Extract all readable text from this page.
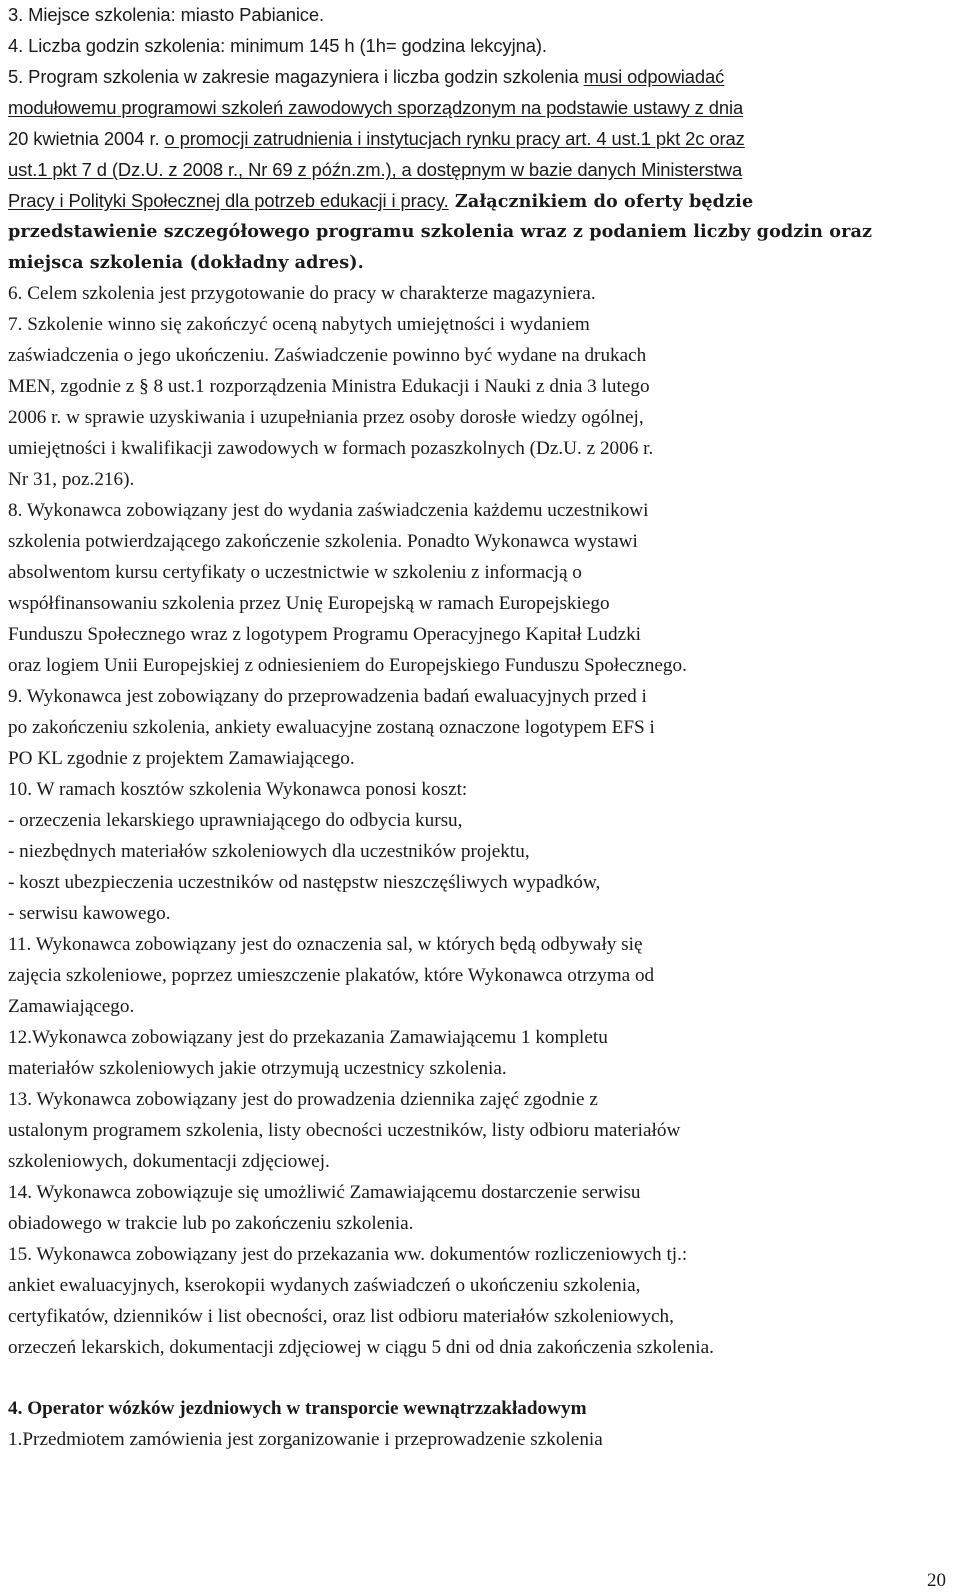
3. Miejsce szkolenia: miasto Pabianice.
4. Liczba godzin szkolenia: minimum 145 h (1h= godzina lekcyjna).
5. Program szkolenia w zakresie magazyniera i liczba godzin szkolenia musi odpowiadać
modułowemu programowi szkoleń zawodowych sporządzonym na podstawie ustawy z dnia
20 kwietnia 2004 r. o promocji zatrudnienia i instytucjach rynku pracy art. 4 ust.1 pkt 2c oraz
ust.1 pkt 7 d (Dz.U. z 2008 r., Nr 69 z późn.zm.), a dostępnym w bazie danych Ministerstwa
Pracy i Polityki Społecznej dla potrzeb edukacji i pracy. Załącznikiem do oferty będzie
przedstawienie szczegółowego programu szkolenia wraz z podaniem liczby godzin oraz
miejsca szkolenia (dokładny adres).
6. Celem szkolenia jest przygotowanie do pracy w charakterze magazyniera.
7. Szkolenie winno się zakończyć oceną nabytych umiejętności i wydaniem
zaświadczenia o jego ukończeniu. Zaświadczenie powinno być wydane na drukach
MEN, zgodnie z § 8 ust.1 rozporządzenia Ministra Edukacji i Nauki z dnia 3 lutego
2006 r. w sprawie uzyskiwania i uzupełniania przez osoby dorosłe wiedzy ogólnej,
umiejętności i kwalifikacji zawodowych w formach pozaszkolnych (Dz.U. z 2006 r.
Nr 31, poz.216).
8. Wykonawca zobowiązany jest do wydania zaświadczenia każdemu uczestnikowi
szkolenia potwierdzającego zakończenie szkolenia. Ponadto Wykonawca wystawi
absolwentom kursu certyfikaty o uczestnictwie w szkoleniu z informacją o
współfinansowaniu szkolenia przez Unię Europejską w ramach Europejskiego
Funduszu Społecznego wraz z logotypem Programu Operacyjnego Kapitał Ludzki
oraz logiem Unii Europejskiej z odniesieniem do Europejskiego Funduszu Społecznego.
9. Wykonawca jest zobowiązany do przeprowadzenia badań ewaluacyjnych przed i
po zakończeniu szkolenia, ankiety ewaluacyjne zostaną oznaczone logotypem EFS i
PO KL zgodnie z projektem Zamawiającego.
10. W ramach kosztów szkolenia Wykonawca ponosi koszt:
- orzeczenia lekarskiego uprawniającego do odbycia kursu,
- niezbędnych materiałów szkoleniowych dla uczestników projektu,
- koszt ubezpieczenia uczestników od następstw nieszczęśliwych wypadków,
- serwisu kawowego.
11. Wykonawca zobowiązany jest do oznaczenia sal, w których będą odbywały się
zajęcia szkoleniowe, poprzez umieszczenie plakatów, które Wykonawca otrzyma od
Zamawiającego.
12.Wykonawca zobowiązany jest do przekazania Zamawiającemu 1 kompletu
materiałów szkoleniowych jakie otrzymują uczestnicy szkolenia.
13. Wykonawca zobowiązany jest do prowadzenia dziennika zajęć zgodnie z
ustalonym programem szkolenia, listy obecności uczestników, listy odbioru materiałów
szkoleniowych, dokumentacji zdjęciowej.
14. Wykonawca zobowiązuje się umożliwić Zamawiającemu dostarczenie serwisu
obiadowego w trakcie lub po zakończeniu szkolenia.
15. Wykonawca zobowiązany jest do przekazania ww. dokumentów rozliczeniowych tj.:
ankiet ewaluacyjnych, kserokopii wydanych zaświadczeń o ukończeniu szkolenia,
certyfikatów, dzienników i list obecności, oraz list odbioru materiałów szkoleniowych,
orzeczeń lekarskich, dokumentacji zdjęciowej w ciągu 5 dni od dnia zakończenia szkolenia.
4. Operator wózków jezdniowych w transporcie wewnątrzzakładowym
1.Przedmiotem zamówienia jest zorganizowanie i przeprowadzenie szkolenia
20
